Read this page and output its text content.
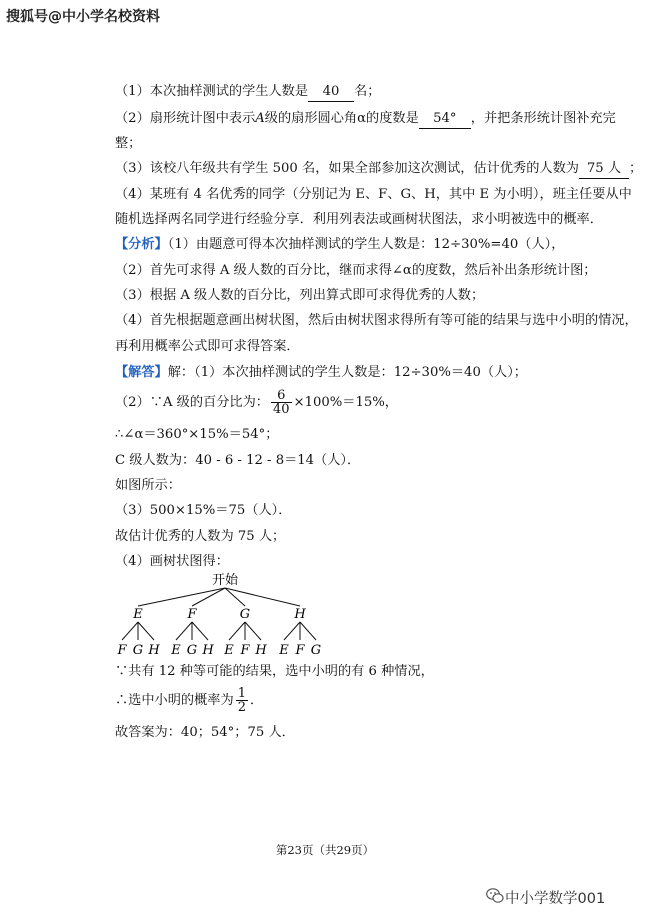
搜狐号@中小学名校资料
（1）本次抽样测试的学生人数是 40 名；
（2）扇形统计图中表示A级的扇形圆心角α的度数是 54° ，并把条形统计图补充完
整；
（3）该校八年级共有学生 500 名，如果全部参加这次测试，估计优秀的人数为 75 人 ；
（4）某班有 4 名优秀的同学（分别记为 E、F、G、H，其中 E 为小明），班主任要从中
随机选择两名同学进行经验分享．利用列表法或画树状图法，求小明被选中的概率．
【分析】（1）由题意可得本次抽样测试的学生人数是：12÷30%=40（人），
（2）首先可求得 A 级人数的百分比，继而求得∠α的度数，然后补出条形统计图；
（3）根据 A 级人数的百分比，列出算式即可求得优秀的人数；
（4）首先根据题意画出树状图，然后由树状图求得所有等可能的结果与选中小明的情况，
再利用概率公式即可求得答案．
【解答】解：（1）本次抽样测试的学生人数是：12÷30%＝40（人）；
（2）∵A 级的百分比为： $\frac{6}{40} \times 100\%=15\%$，
∴∠α＝360°×15%＝54°；
C 级人数为：40 - 6 - 12 - 8＝14（人）．
如图所示：
（3）500×15%＝75（人）．
故估计优秀的人数为 75 人；
（4）画树状图得：
开始
E
F G H
F
E G H
G
E F H
H
E F G
∵共有 12 种等可能的结果，选中小明的有 6 种情况，
∴选中小明的概率为 $\frac{1}{2}$ ．
故答案为：40；54°；75 人．
第23页（共29页）
中小学数学001
